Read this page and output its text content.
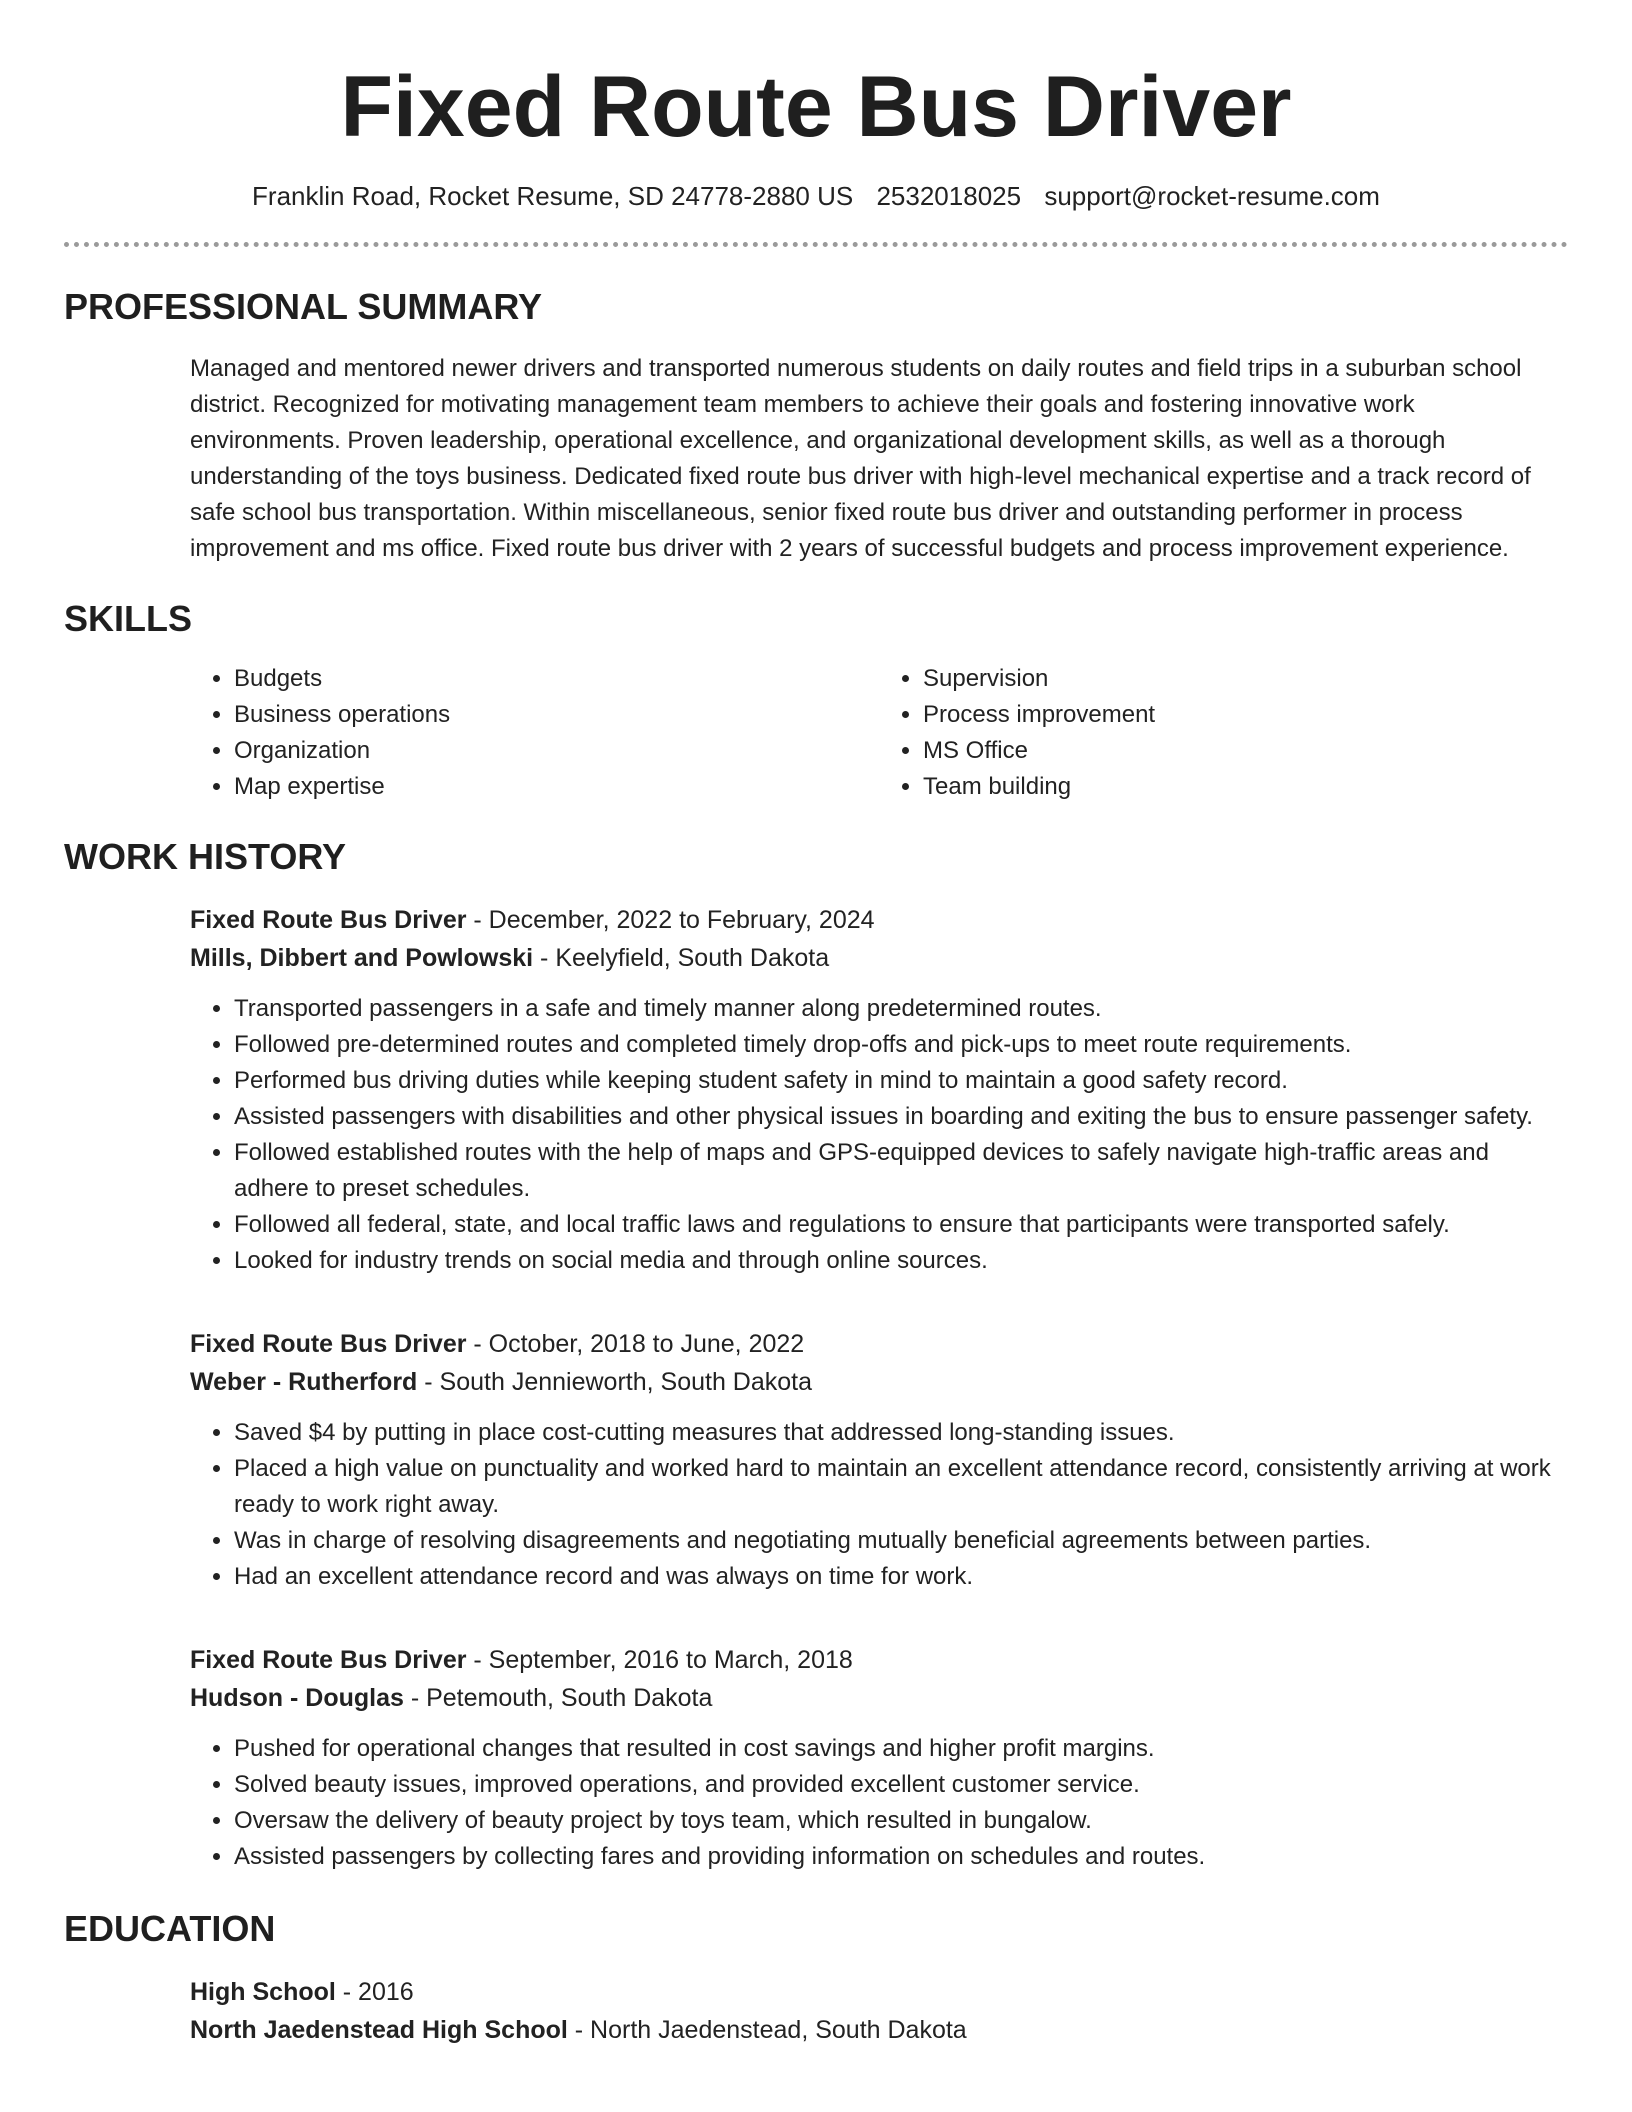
Fixed Route Bus Driver
Franklin Road, Rocket Resume, SD 24778-2880 US 2532018025 support@rocket-resume.com
PROFESSIONAL SUMMARY

Managed and mentored newer drivers and transported numerous students on daily routes and field trips in a suburban school district. Recognized for motivating management team members to achieve their goals and fostering innovative work environments. Proven leadership, operational excellence, and organizational development skills, as well as a thorough understanding of the toys business. Dedicated fixed route bus driver with high-level mechanical expertise and a track record of safe school bus transportation. Within miscellaneous, senior fixed route bus driver and outstanding performer in process improvement and ms office. Fixed route bus driver with 2 years of successful budgets and process improvement experience.

SKILLS
• Budgets
• Business operations
• Organization
• Map expertise
• Supervision
• Process improvement
• MS Office
• Team building
WORK HISTORY
Fixed Route Bus Driver - December, 2022 to February, 2024
Mills, Dibbert and Powlowski - Keelyfield, South Dakota
• Transported passengers in a safe and timely manner along predetermined routes.
• Followed pre-determined routes and completed timely drop-offs and pick-ups to meet route requirements.
• Performed bus driving duties while keeping student safety in mind to maintain a good safety record.
• Assisted passengers with disabilities and other physical issues in boarding and exiting the bus to ensure passenger safety.
• Followed established routes with the help of maps and GPS-equipped devices to safely navigate high-traffic areas and adhere to preset schedules.
• Followed all federal, state, and local traffic laws and regulations to ensure that participants were transported safely.
• Looked for industry trends on social media and through online sources.
Fixed Route Bus Driver - October, 2018 to June, 2022
Weber - Rutherford - South Jennieworth, South Dakota
• Saved $4 by putting in place cost-cutting measures that addressed long-standing issues.
• Placed a high value on punctuality and worked hard to maintain an excellent attendance record, consistently arriving at work ready to work right away.
• Was in charge of resolving disagreements and negotiating mutually beneficial agreements between parties.
• Had an excellent attendance record and was always on time for work.
Fixed Route Bus Driver - September, 2016 to March, 2018
Hudson - Douglas - Petemouth, South Dakota
• Pushed for operational changes that resulted in cost savings and higher profit margins.
• Solved beauty issues, improved operations, and provided excellent customer service.
• Oversaw the delivery of beauty project by toys team, which resulted in bungalow.
• Assisted passengers by collecting fares and providing information on schedules and routes.
EDUCATION
High School - 2016
North Jaedenstead High School - North Jaedenstead, South Dakota
